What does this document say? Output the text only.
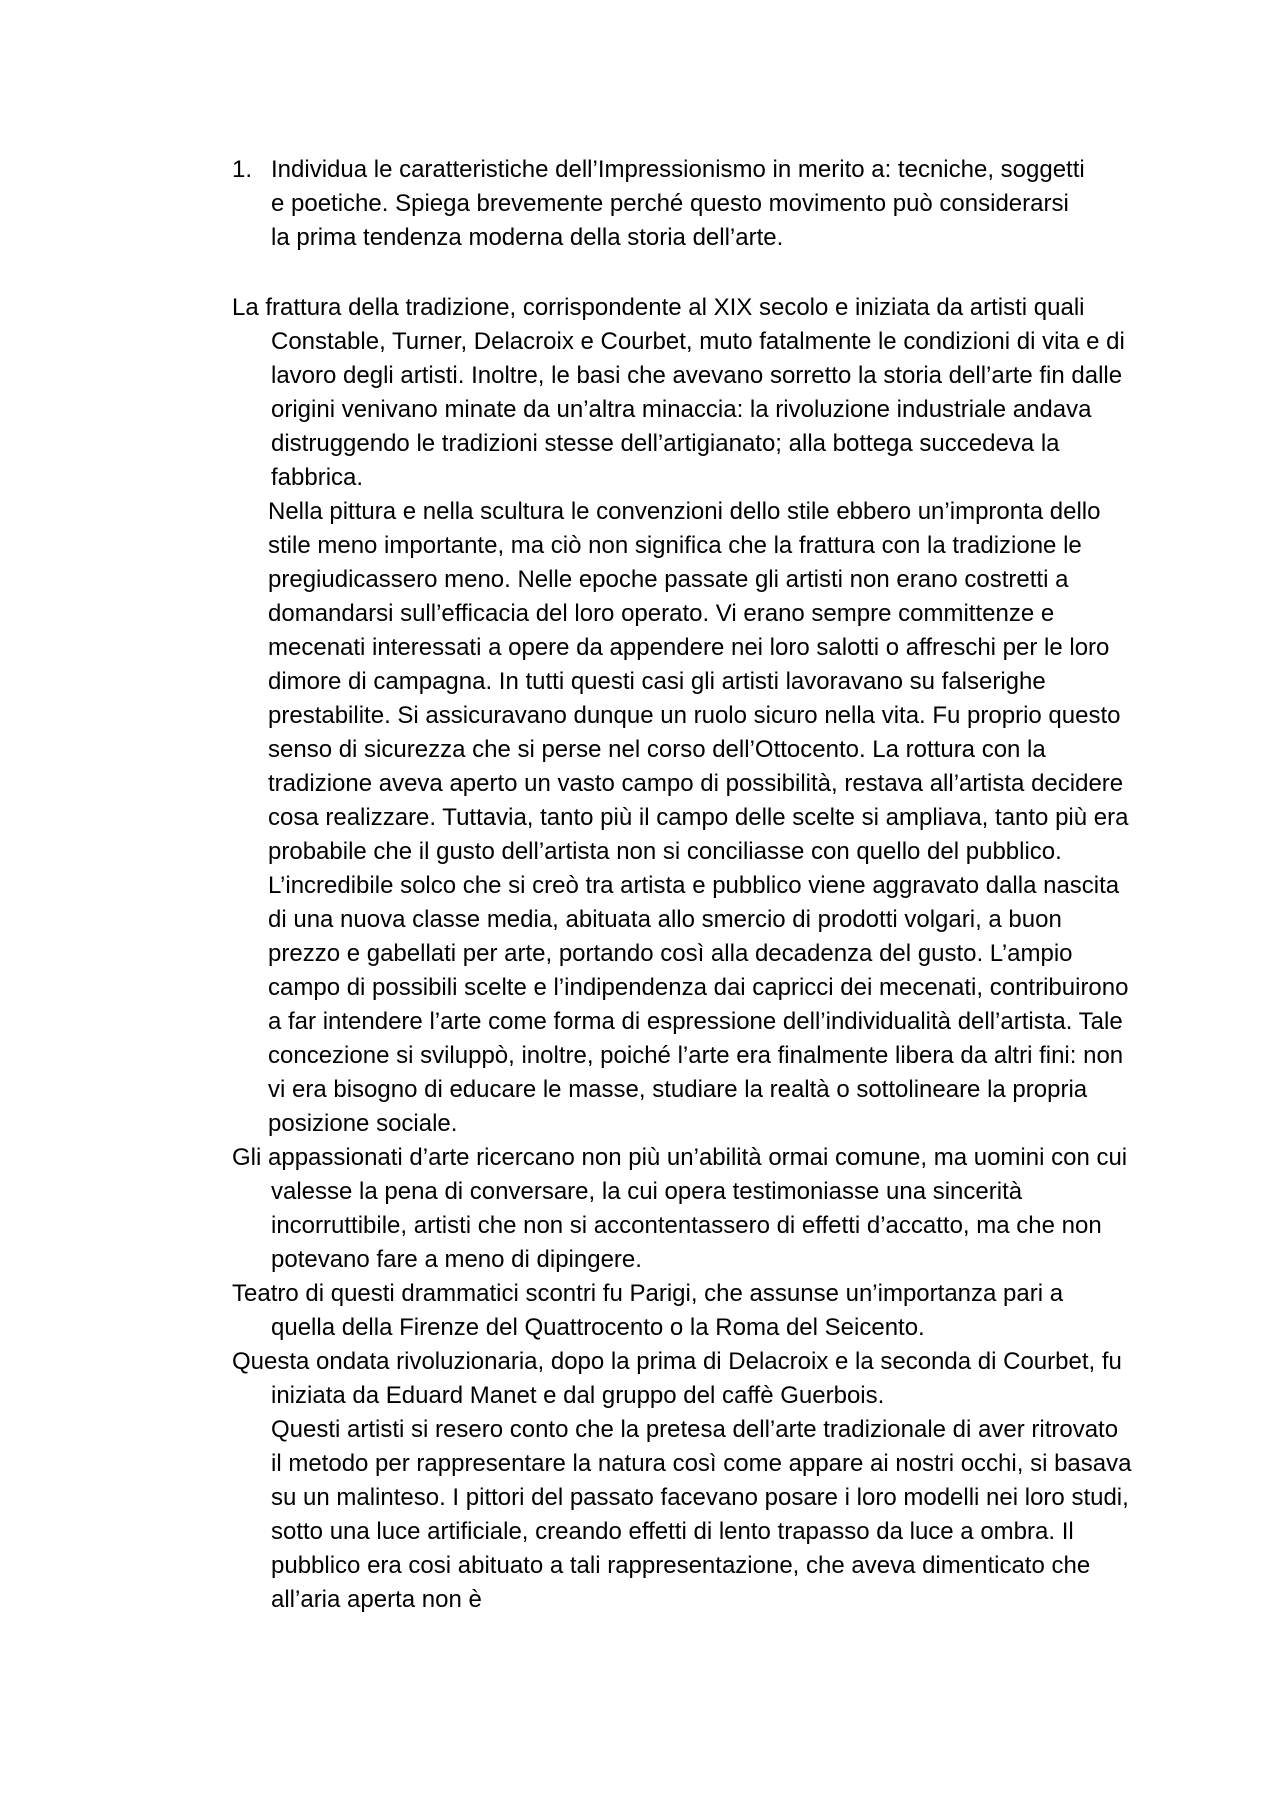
1. Individua le caratteristiche dell’Impressionismo in merito a: tecniche, soggetti e poetiche. Spiega brevemente perché questo movimento può considerarsi la prima tendenza moderna della storia dell’arte.

La frattura della tradizione, corrispondente al XIX secolo e iniziata da artisti quali Constable, Turner, Delacroix e Courbet, muto fatalmente le condizioni di vita e di lavoro degli artisti. Inoltre, le basi che avevano sorretto la storia dell’arte fin dalle origini venivano minate da un’altra minaccia: la rivoluzione industriale andava distruggendo le tradizioni stesse dell’artigianato; alla bottega succedeva la fabbrica.
Nella pittura e nella scultura le convenzioni dello stile ebbero un’impronta dello stile meno importante, ma ciò non significa che la frattura con la tradizione le pregiudicassero meno. Nelle epoche passate gli artisti non erano costretti a domandarsi sull’efficacia del loro operato. Vi erano sempre committenze e mecenati interessati a opere da appendere nei loro salotti o affreschi per le loro dimore di campagna. In tutti questi casi gli artisti lavoravano su falserighe prestabilite. Si assicuravano dunque un ruolo sicuro nella vita. Fu proprio questo senso di sicurezza che si perse nel corso dell’Ottocento. La rottura con la tradizione aveva aperto un vasto campo di possibilità, restava all’artista decidere cosa realizzare. Tuttavia, tanto più il campo delle scelte si ampliava, tanto più era probabile che il gusto dell’artista non si conciliasse con quello del pubblico. L’incredibile solco che si creò tra artista e pubblico viene aggravato dalla nascita di una nuova classe media, abituata allo smercio di prodotti volgari, a buon prezzo e gabellati per arte, portando così alla decadenza del gusto. L’ampio campo di possibili scelte e l’indipendenza dai capricci dei mecenati, contribuirono a far intendere l’arte come forma di espressione dell’individualità dell’artista. Tale concezione si sviluppò, inoltre, poiché l’arte era finalmente libera da altri fini: non vi era bisogno di educare le masse, studiare la realtà o sottolineare la propria posizione sociale.

Gli appassionati d’arte ricercano non più un’abilità ormai comune, ma uomini con cui valesse la pena di conversare, la cui opera testimoniasse una sincerità incorruttibile, artisti che non si accontentassero di effetti d’accatto, ma che non potevano fare a meno di dipingere.

Teatro di questi drammatici scontri fu Parigi, che assunse un’importanza pari a quella della Firenze del Quattrocento o la Roma del Seicento.

Questa ondata rivoluzionaria, dopo la prima di Delacroix e la seconda di Courbet, fu iniziata da Eduard Manet e dal gruppo del caffè Guerbois.
Questi artisti si resero conto che la pretesa dell’arte tradizionale di aver ritrovato il metodo per rappresentare la natura così come appare ai nostri occhi, si basava su un malinteso. I pittori del passato facevano posare i loro modelli nei loro studi, sotto una luce artificiale, creando effetti di lento trapasso da luce a ombra. Il pubblico era cosi abituato a tali rappresentazione, che aveva dimenticato che all’aria aperta non è
